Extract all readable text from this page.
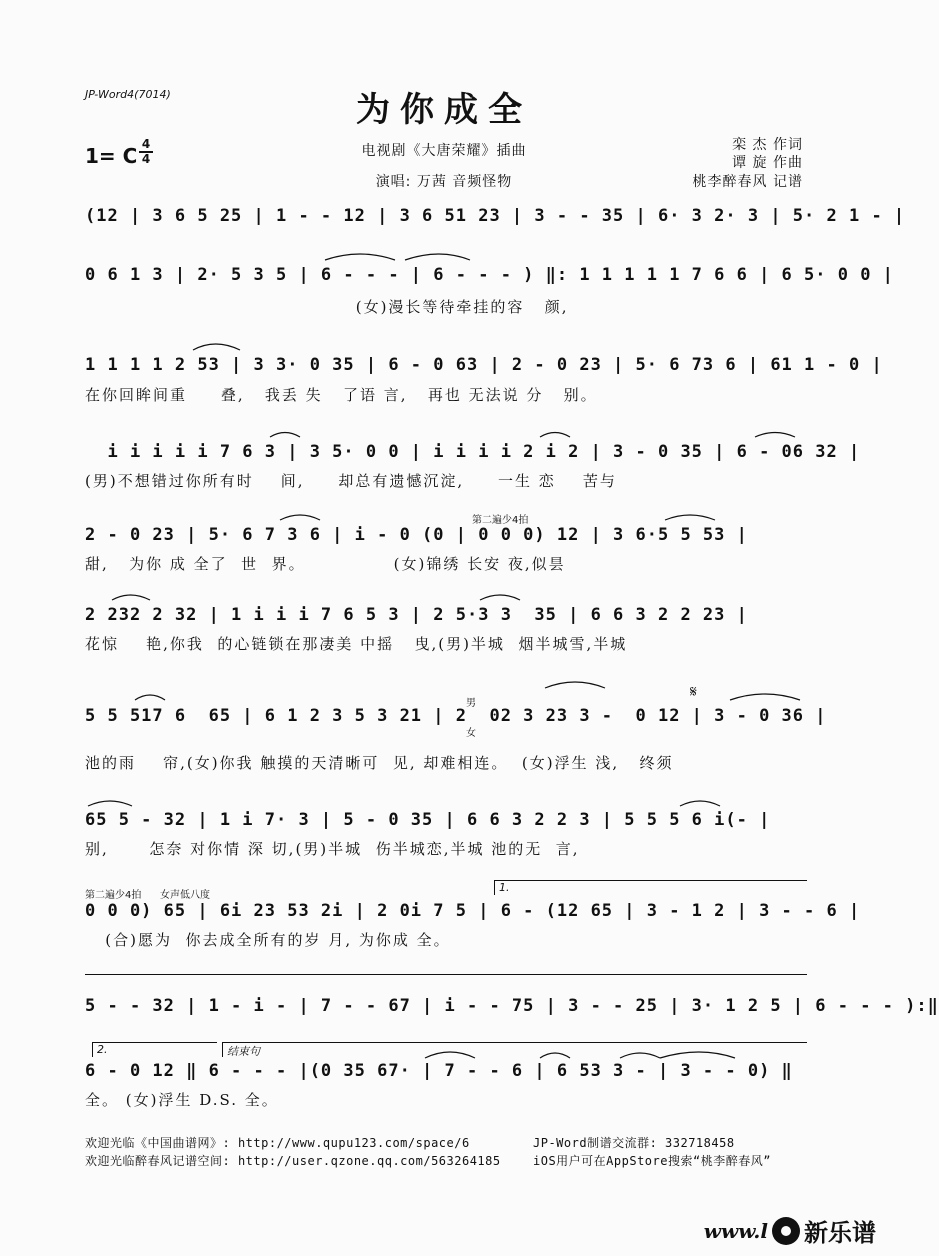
JP-Word4(7014)	为你成全
1= C 4
4	电视剧《大唐荣耀》插曲
演唱: 万茜 音频怪物
栾 杰 作词
谭 旋 作曲
桃李醉春风 记谱
(12 | 3 6 5 25 | 1 - - 12 | 3 6 51 23 | 3 - - 35 | 6· 3 2· 3 | 5· 2 1 - |
0 6 1 3 | 2· 5 3 5 | 6 - - - | 6 - - - ) ‖: 1 1 1 1 1 7 6 6 | 6 5· 0 0 |
(女)漫长等待牵挂的容   颜,
1 1 1 1 2 53 | 3 3· 0 35 | 6 - 0 63 | 2 - 0 23 | 5· 6 73 6 | 61 1 - 0 |
在你回眸间重     叠,   我丢 失   了语 言,   再也 无法说 分   别。
i i i i i 7 6 3 | 3 5· 0 0 | i i i i 2 i 2 | 3 - 0 35 | 6 - 06 32 |
(男)不想错过你所有时    间,     却总有遗憾沉淀,     一生 恋    苦与
第二遍少4拍
2 - 0 23 | 5· 6 7 3 6 | i - 0 (0 | 0 0 0) 12 | 3 6·5 5 53 |
甜,   为你 成 全了  世  界。             (女)锦绣 长安 夜,似昙
2 232 2 32 | 1 i i i 7 6 5 3 | 2 5·3 3  35 | 6 6 3 2 2 23 |
花惊    艳,你我  的心链锁在那凄美 中摇   曳,(男)半城  烟半城雪,半城
男
女
𝄋
5 5 517 6  65 | 6 1 2 3 5 3 21 | 2  02 3 23 3 -  0 12 | 3 - 0 36 |
池的雨    帘,(女)你我 触摸的天清晰可  见, 却难相连。  (女)浮生 浅,   终须
65 5 - 32 | 1 i 7· 3 | 5 - 0 35 | 6 6 3 2 2 3 | 5 5 5 6 i(- |
别,      怎奈 对你情 深 切,(男)半城  伤半城恋,半城 池的无  言,
第二遍少4拍 女声低八度
1.
0 0 0) 65 | 6i 23 53 2i | 2 0i 7 5 | 6 - (12 65 | 3 - 1 2 | 3 - - 6 |
(合)愿为  你去成全所有的岁 月, 为你成 全。
5 - - 32 | 1 - i - | 7 - - 67 | i - - 75 | 3 - - 25 | 3· 1 2 5 | 6 - - - ):‖
2.	结束句
6 - 0 12 ‖ 6 - - - |(0 35 67· | 7 - - 6 | 6 53 3 - | 3 - - 0) ‖
全。 (女)浮生 D.S. 全。
欢迎光临《中国曲谱网》: http://www.qupu123.com/space/6
欢迎光临醉春风记谱空间: http://user.qzone.qq.com/563264185
JP-Word制谱交流群: 332718458
iOS用户可在AppStore搜索“桃李醉春风”
www.l 新乐谱
